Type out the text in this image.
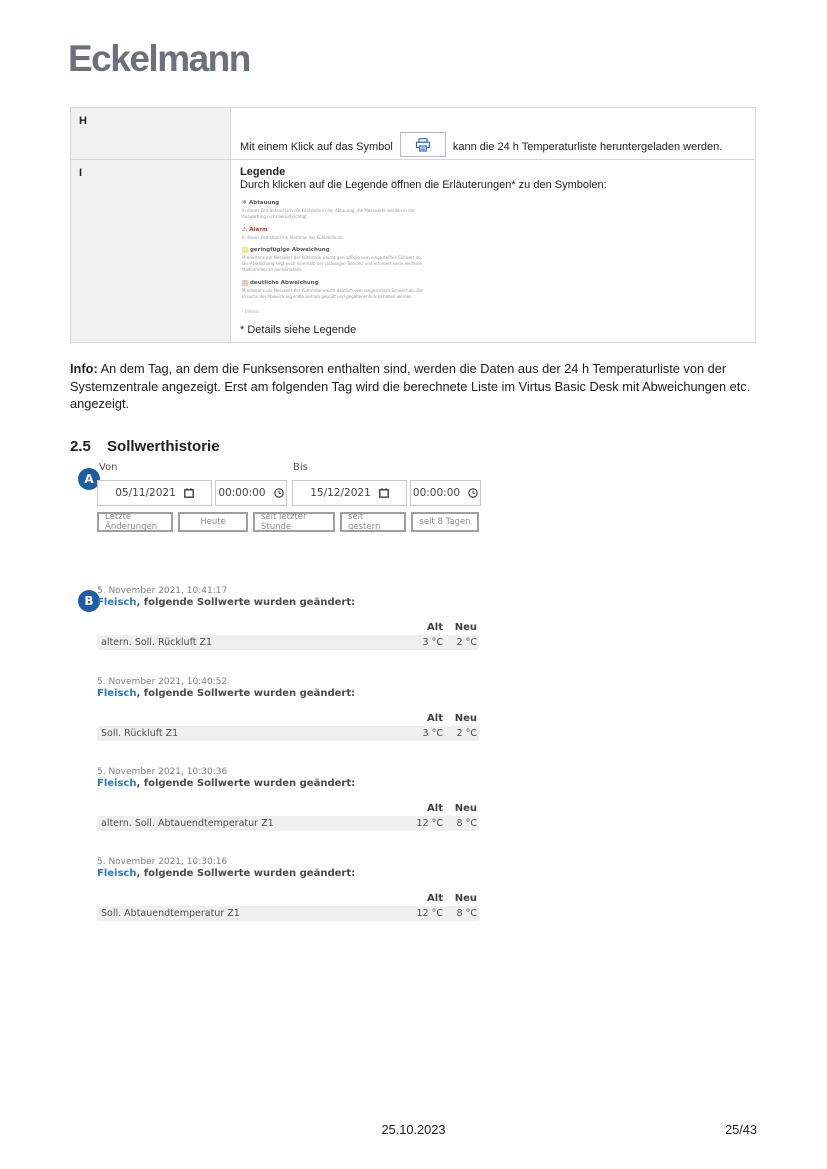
Eckelmann
H	Mit einem Klick auf das Symbol kann die 24 h Temperaturliste heruntergeladen werden.

I	Legende
Durch klicken auf die Legende öffnen die Erläuterungen* zu den Symbolen:
❄ Abtauung
In dieser Zeit befand sich die Kühlstelle in der Abtauung, die Messwerte werden in der Auswertung nicht berücksichtigt.
⚠ Alarm
In dieser Zeit stand ein Alarm an der Kühlstelle an.
geringfügige Abweichung
Mindestens ein Messwert der Kühlstelle weicht geringfügig vom eingestellten Sollwert ab. Die Abweichung liegt noch innerhalb der zulässigen Toleranz und erfordert keine weiteren Maßnahmen an der Kühlstelle.
deutliche Abweichung
Mindestens ein Messwert der Kühlstelle weicht deutlich vom eingestellten Sollwert ab. Die Ursache der Abweichung sollte zeitnah geprüft und gegebenenfalls behoben werden.
¹ Details
* Details siehe Legende
Info: An dem Tag, an dem die Funksensoren enthalten sind, werden die Daten aus der 24 h Temperaturliste von der Systemzentrale angezeigt. Erst am folgenden Tag wird die berechnete Liste im Virtus Basic Desk mit Abweichungen etc. angezeigt.
2.5 Sollwerthistorie
A
Von	Bis
05/11/2021	00:00:00	15/12/2021	00:00:00
Letzte Änderungen	Heute	seit letzter Stunde
seit gestern	seit 8 Tagen
B
5. November 2021, 10:41:17
Fleisch, folgende Sollwerte wurden geändert:
Alt	Neu
altern. Soll. Rückluft Z1	3 °C	2 °C
5. November 2021, 10:40:52
Fleisch, folgende Sollwerte wurden geändert:
Alt	Neu
Soll. Rückluft Z1	3 °C	2 °C
5. November 2021, 10:30:36
Fleisch, folgende Sollwerte wurden geändert:
Alt	Neu
altern. Soll. Abtauendtemperatur Z1	12 °C	8 °C
5. November 2021, 10:30:16
Fleisch, folgende Sollwerte wurden geändert:
Alt	Neu
Soll. Abtauendtemperatur Z1	12 °C	8 °C
25.10.2023	25/43
